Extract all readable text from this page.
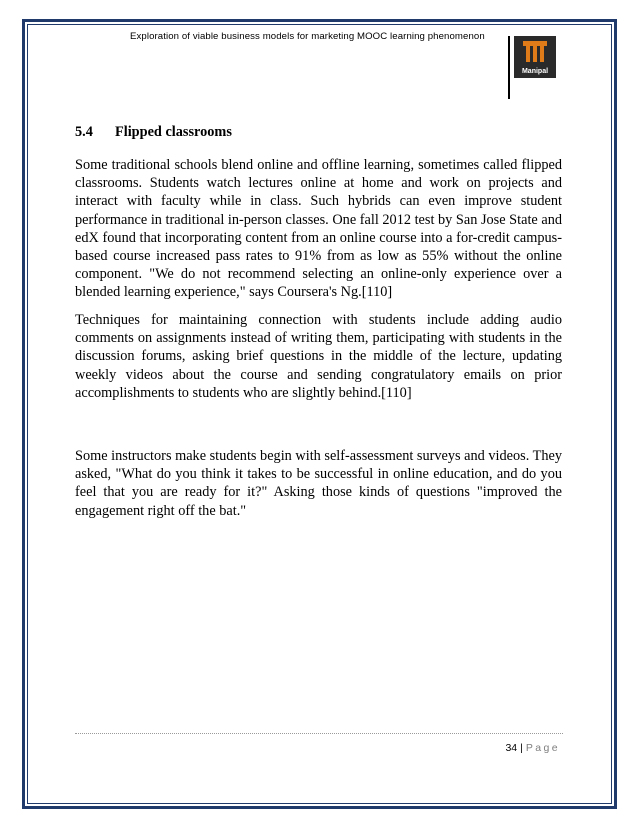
Exploration of viable business models for marketing MOOC learning phenomenon
Manipal
5.4 Flipped classrooms

Some traditional schools blend online and offline learning, sometimes called flipped classrooms. Students watch lectures online at home and work on projects and interact with faculty while in class. Such hybrids can even improve student performance in traditional in-person classes. One fall 2012 test by San Jose State and edX found that incorporating content from an online course into a for-credit campus-based course increased pass rates to 91% from as low as 55% without the online component. "We do not recommend selecting an online-only experience over a blended learning experience," says Coursera's Ng.[110]

Techniques for maintaining connection with students include adding audio comments on assignments instead of writing them, participating with students in the discussion forums, asking brief questions in the middle of the lecture, updating weekly videos about the course and sending congratulatory emails on prior accomplishments to students who are slightly behind.[110]

Some instructors make students begin with self-assessment surveys and videos. They asked, "What do you think it takes to be successful in online education, and do you feel that you are ready for it?" Asking those kinds of questions "improved the engagement right off the bat."

34 | Page
